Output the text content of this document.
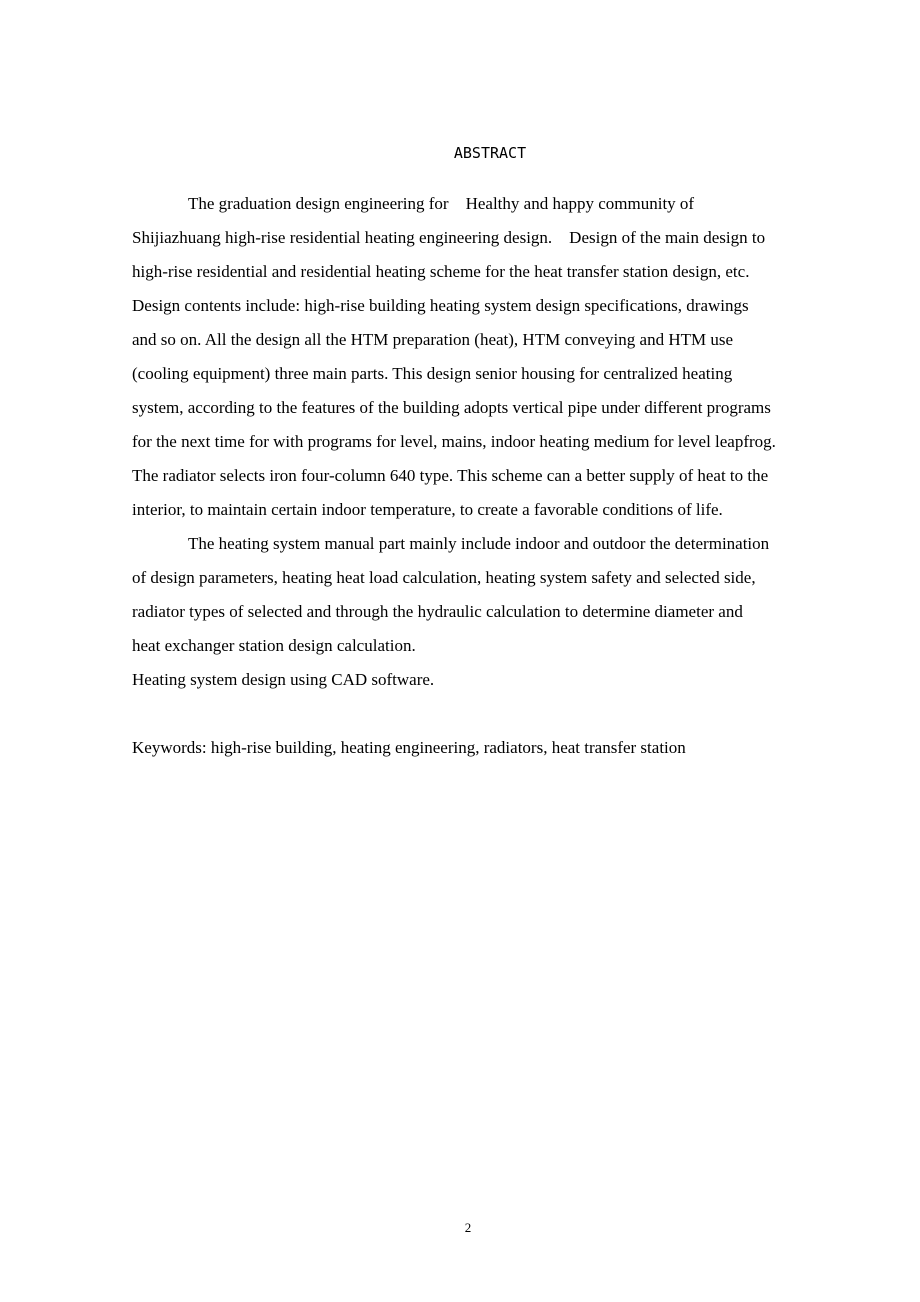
ABSTRACT
The graduation design engineering for    Healthy and happy community of
Shijiazhuang high-rise residential heating engineering design.    Design of the main design to
high-rise residential and residential heating scheme for the heat transfer station design, etc.
Design contents include: high-rise building heating system design specifications, drawings
and so on. All the design all the HTM preparation (heat), HTM conveying and HTM use
(cooling equipment) three main parts. This design senior housing for centralized heating
system, according to the features of the building adopts vertical pipe under different programs
for the next time for with programs for level, mains, indoor heating medium for level leapfrog.
The radiator selects iron four-column 640 type. This scheme can a better supply of heat to the
interior, to maintain certain indoor temperature, to create a favorable conditions of life.
The heating system manual part mainly include indoor and outdoor the determination
of design parameters, heating heat load calculation, heating system safety and selected side,
radiator types of selected and through the hydraulic calculation to determine diameter and
heat exchanger station design calculation.
Heating system design using CAD software.
Keywords: high-rise building, heating engineering, radiators, heat transfer station
2
